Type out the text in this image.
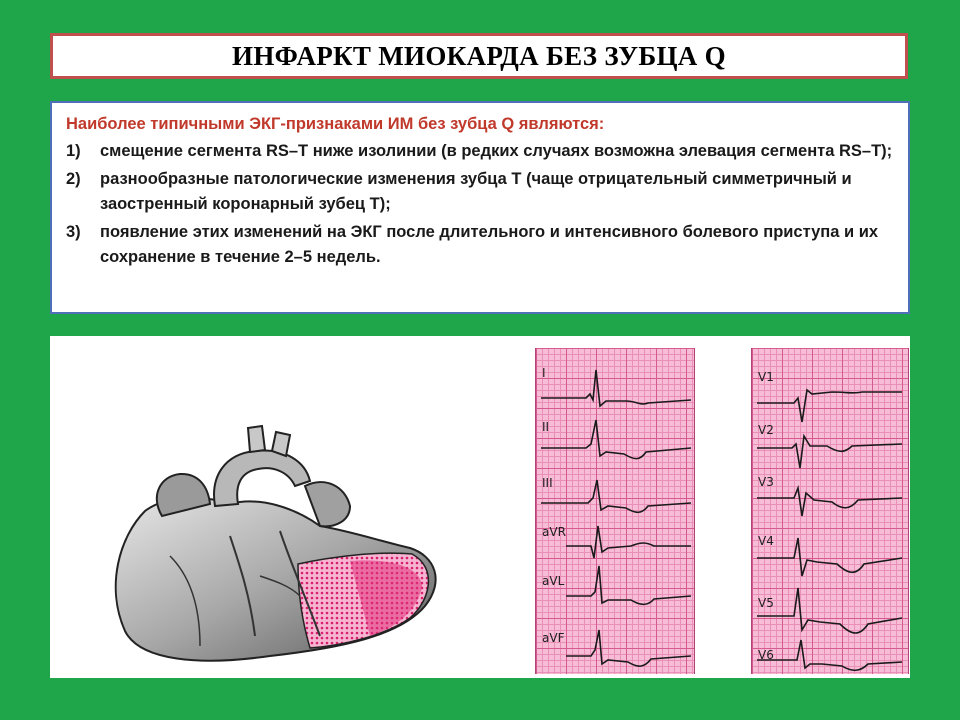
ИНФАРКТ МИОКАРДА БЕЗ ЗУБЦА Q

Наиболее типичными ЭКГ-признаками ИМ без зубца Q являются:

1)	смещение сегмента RS–T ниже изолинии (в редких случаях возможна элевация сегмента RS–T);
2)	разнообразные патологические изменения зубца T (чаще отрицательный симметричный и заостренный коронарный зубец T);
3)	появление этих изменений на ЭКГ после длительного и интенсивного болевого приступа и их сохранение в течение 2–5 недель.
I
II
III
aVR
aVL
aVF
V1
V2
V3
V4
V5
V6
